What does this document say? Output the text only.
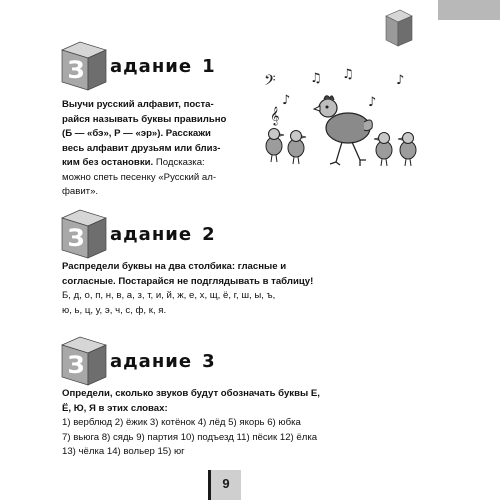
З адание 1

Выучи русский алфавит, поста-

райся называть буквы правильно

(Б — «бэ», Р — «эр»). Расскажи

весь алфавит друзьям или близ-

ким без остановки. Подсказка:

можно спеть песенку «Русский ал-

фавит».

𝄢
𝄞
♪
♫ ♫
♪
♪
З адание 2

Распредели буквы на два столбика: гласные и

согласные. Постарайся не подглядывать в таблицу!

Б, д, о, п, н, в, а, з, т, и, й, ж, е, х, щ, ё, г, ш, ы, ъ,

ю, ь, ц, у, э, ч, с, ф, к, я.

З адание 3

Определи, сколько звуков будут обозначать буквы Е,

Ё, Ю, Я в этих словах:

1) верблюд 2) ёжик 3) котёнок 4) лёд 5) якорь 6) юбка

7) вьюга 8) сядь 9) партия 10) подъезд 11) пёсик 12) ёлка

13) чёлка 14) вольер 15) юг

9
